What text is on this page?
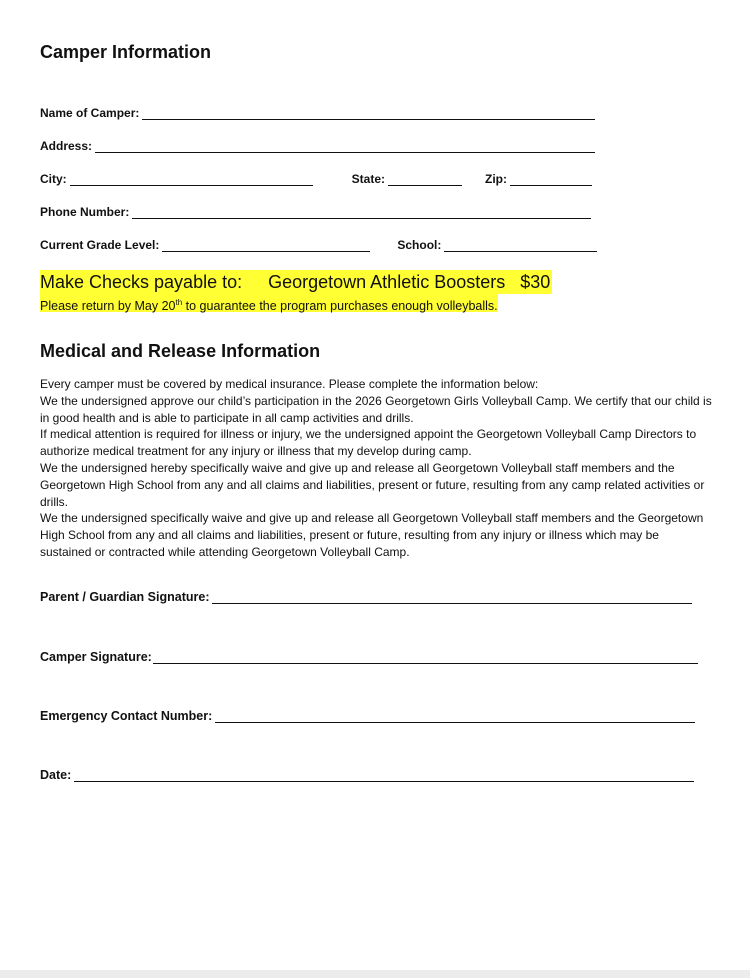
Camper Information
Name of Camper:
Address:
City:	State:	Zip:
Phone Number:
Current Grade Level:	School:
Make Checks payable to: Georgetown Athletic Boosters $30
Please return by May 20th to guarantee the program purchases enough volleyballs.
Medical and Release Information

Every camper must be covered by medical insurance. Please complete the information below:

We the undersigned approve our child’s participation in the 2026 Georgetown Girls Volleyball Camp. We certify that our child is in good health and is able to participate in all camp activities and drills.

If medical attention is required for illness or injury, we the undersigned appoint the Georgetown Volleyball Camp Directors to authorize medical treatment for any injury or illness that my develop during camp.

We the undersigned hereby specifically waive and give up and release all Georgetown Volleyball staff members and the Georgetown High School from any and all claims and liabilities, present or future, resulting from any camp related activities or drills.

We the undersigned specifically waive and give up and release all Georgetown Volleyball staff members and the Georgetown High School from any and all claims and liabilities, present or future, resulting from any injury or illness which may be sustained or contracted while attending Georgetown Volleyball Camp.

Parent / Guardian Signature:
Camper Signature:
Emergency Contact Number:
Date:
